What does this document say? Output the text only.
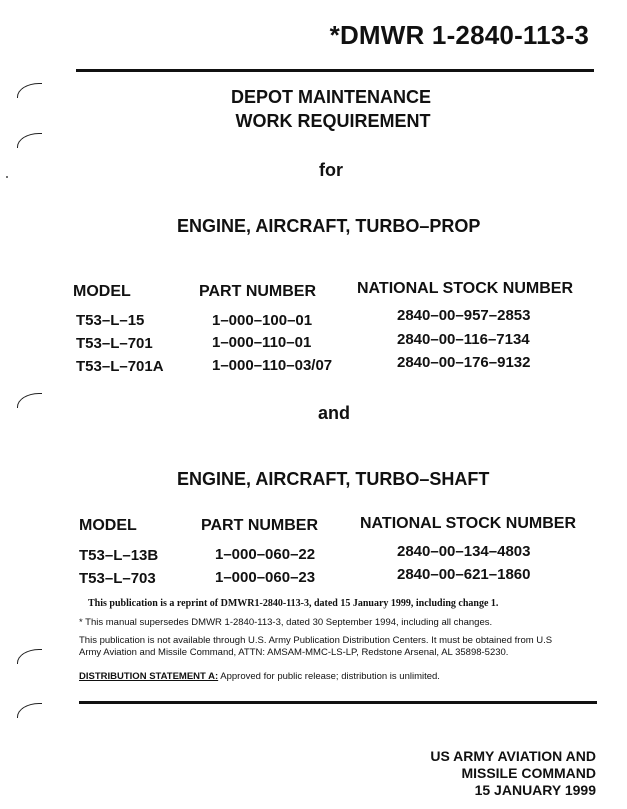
*DMWR 1-2840-113-3
DEPOT MAINTENANCE
WORK REQUIREMENT
for
ENGINE, AIRCRAFT, TURBO–PROP
MODEL	PART NUMBER	NATIONAL STOCK NUMBER
T53–L–15	1–000–100–01	2840–00–957–2853
T53–L–701	1–000–110–01	2840–00–116–7134
T53–L–701A	1–000–110–03/07	2840–00–176–9132
and
ENGINE, AIRCRAFT, TURBO–SHAFT
MODEL	PART NUMBER	NATIONAL STOCK NUMBER
T53–L–13B	1–000–060–22	2840–00–134–4803
T53–L–703	1–000–060–23	2840–00–621–1860
This publication is a reprint of DMWR1-2840-113-3, dated 15 January 1999, including change 1.
* This manual supersedes DMWR 1-2840-113-3, dated 30 September 1994, including all changes.
This publication is not available through U.S. Army Publication Distribution Centers. It must be obtained from U.S
Army Aviation and Missile Command, ATTN: AMSAM-MMC-LS-LP, Redstone Arsenal, AL 35898-5230.
DISTRIBUTION STATEMENT A: Approved for public release; distribution is unlimited.
US ARMY AVIATION AND
MISSILE COMMAND
15 JANUARY 1999
